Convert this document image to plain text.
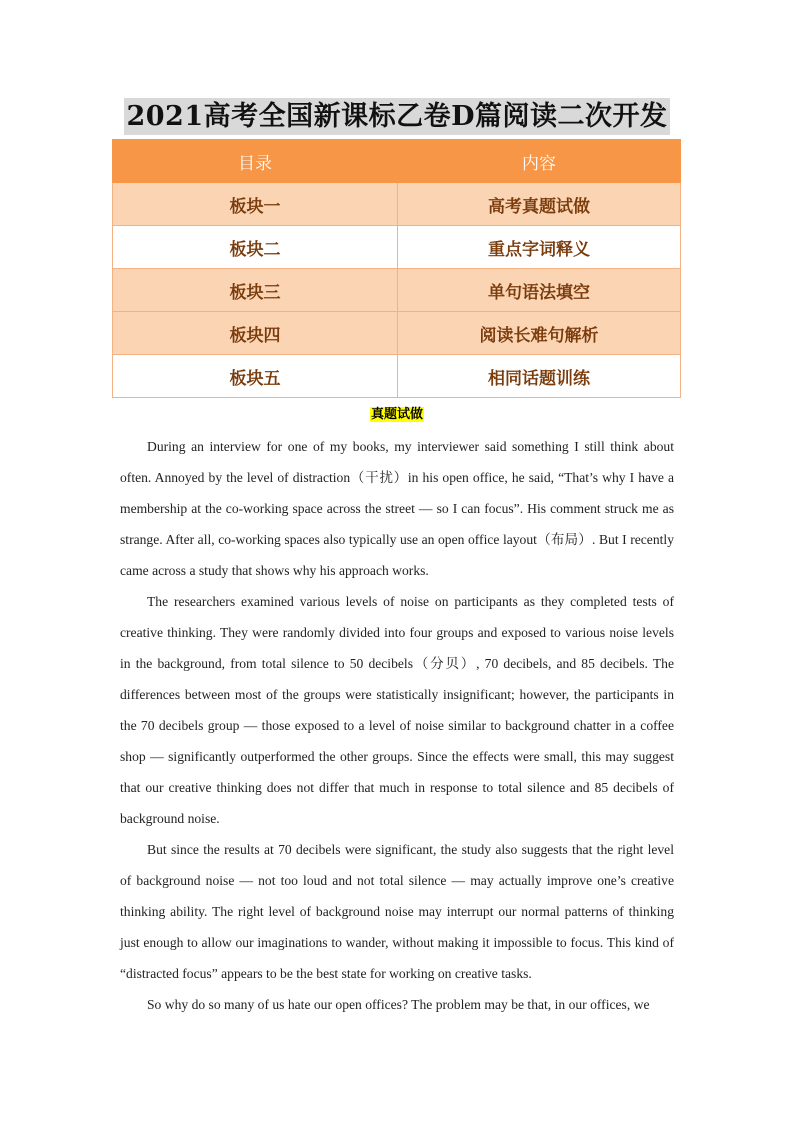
2021高考全国新课标乙卷D篇阅读二次开发
目录	内容
板块一	高考真题试做
板块二	重点字词释义
板块三	单句语法填空
板块四	阅读长难句解析
板块五	相同话题训练
真题试做

During an interview for one of my books, my interviewer said something I still think about often. Annoyed by the level of distraction（干扰）in his open office, he said, “That’s why I have a membership at the co-working space across the street — so I can focus”. His comment struck me as strange. After all, co-working spaces also typically use an open office layout（布局）. But I recently came across a study that shows why his approach works.

The researchers examined various levels of noise on participants as they completed tests of creative thinking. They were randomly divided into four groups and exposed to various noise levels in the background, from total silence to 50 decibels（分贝）, 70 decibels, and 85 decibels. The differences between most of the groups were statistically insignificant; however, the participants in the 70 decibels group — those exposed to a level of noise similar to background chatter in a coffee shop — significantly outperformed the other groups. Since the effects were small, this may suggest that our creative thinking does not differ that much in response to total silence and 85 decibels of background noise.

But since the results at 70 decibels were significant, the study also suggests that the right level of background noise — not too loud and not total silence — may actually improve one’s creative thinking ability. The right level of background noise may interrupt our normal patterns of thinking just enough to allow our imaginations to wander, without making it impossible to focus. This kind of “distracted focus” appears to be the best state for working on creative tasks.

So why do so many of us hate our open offices? The problem may be that, in our offices, we
